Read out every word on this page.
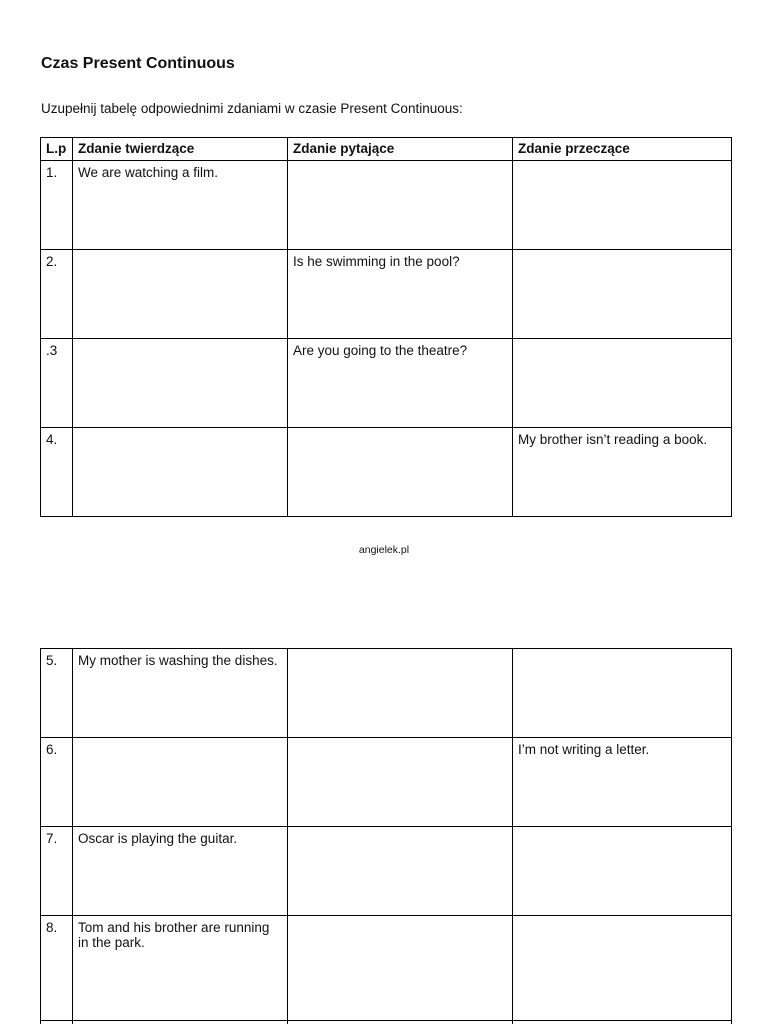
Czas Present Continuous

Uzupełnij tabelę odpowiednimi zdaniami w czasie Present Continuous:

L.p	Zdanie twierdzące	Zdanie pytające	Zdanie przeczące
1.	We are watching a film.		
2.		Is he swimming in the pool?	
.3		Are you going to the theatre?	
4.			My brother isn’t reading a book.

angielek.pl

5.	My mother is washing the dishes.		
6.			I’m not writing a letter.
7.	Oscar is playing the guitar.		
8.	Tom and his brother are running in the park.		
